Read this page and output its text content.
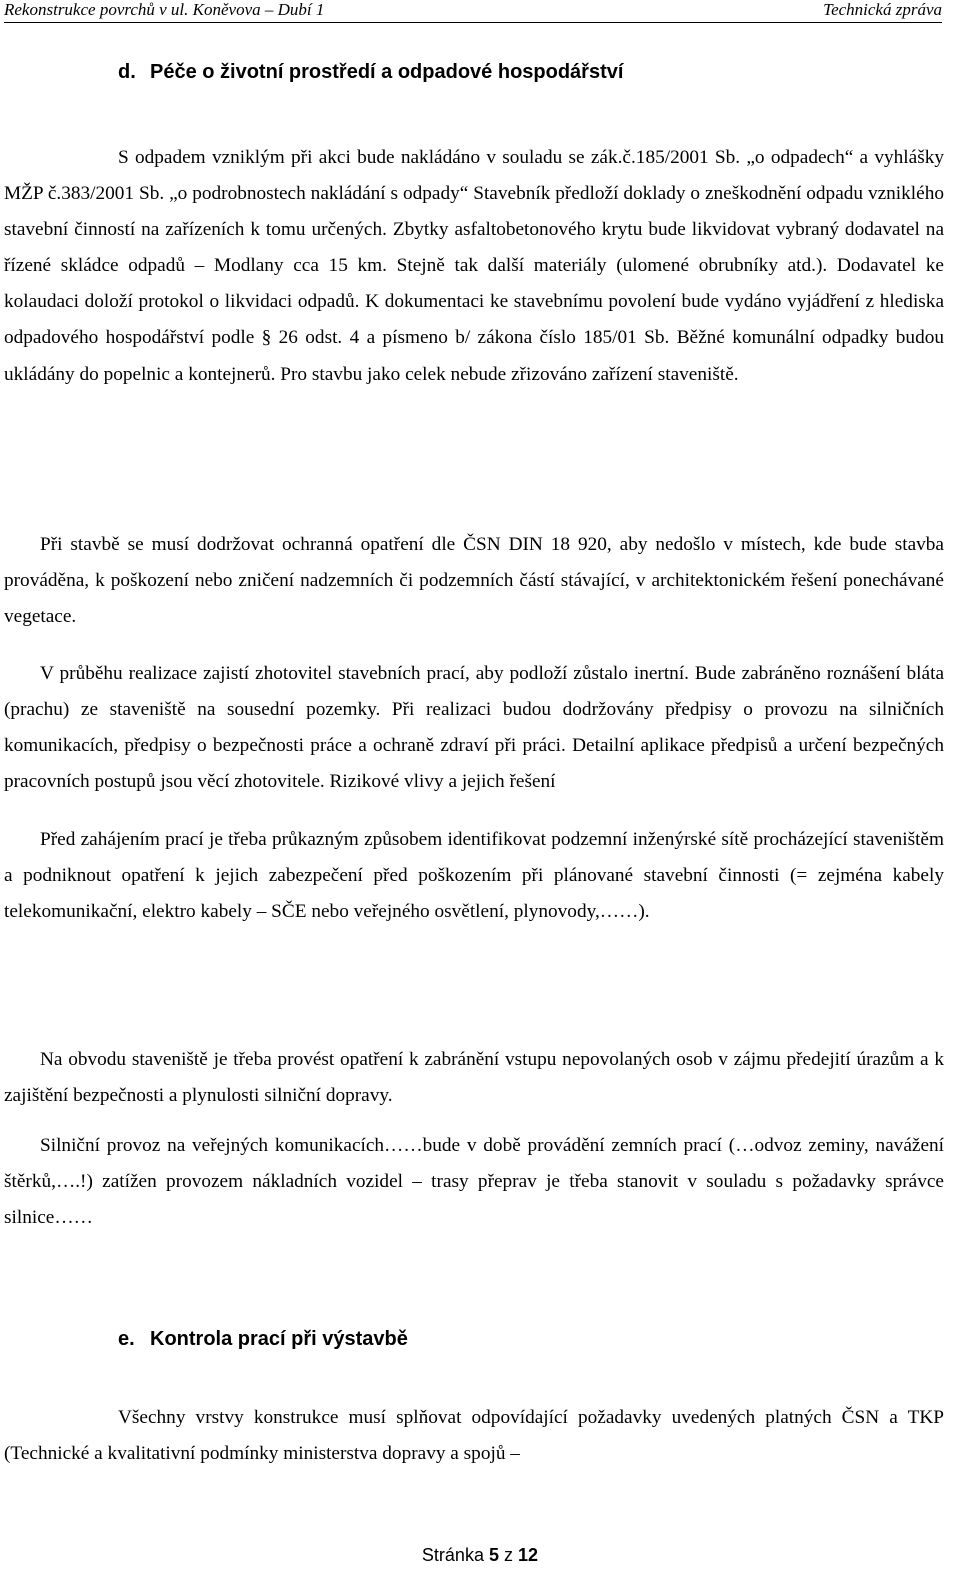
Rekonstrukce povrchů v ul. Koněvova – Dubí 1	Technická zpráva
d. Péče o životní prostředí a odpadové hospodářství

S odpadem vzniklým při akci bude nakládáno v souladu se zák.č.185/2001 Sb. „o odpadech“ a vyhlášky MŽP č.383/2001 Sb. „o podrobnostech nakládání s odpady“ Stavebník předloží doklady o zneškodnění odpadu vzniklého stavební činností na zařízeních k tomu určených. Zbytky asfaltobetonového krytu bude likvidovat vybraný dodavatel na řízené skládce odpadů – Modlany cca 15 km. Stejně tak další materiály (ulomené obrubníky atd.). Dodavatel ke kolaudaci doloží protokol o likvidaci odpadů. K dokumentaci ke stavebnímu povolení bude vydáno vyjádření z hlediska odpadového hospodářství podle § 26 odst. 4 a písmeno b/ zákona číslo 185/01 Sb. Běžné komunální odpadky budou ukládány do popelnic a kontejnerů. Pro stavbu jako celek nebude zřizováno zařízení staveniště.

Při stavbě se musí dodržovat ochranná opatření dle ČSN DIN 18 920, aby nedošlo v místech, kde bude stavba prováděna, k poškození nebo zničení nadzemních či podzemních částí stávající, v architektonickém řešení ponechávané vegetace.

V průběhu realizace zajistí zhotovitel stavebních prací, aby podloží zůstalo inertní. Bude zabráněno roznášení bláta (prachu) ze staveniště na sousední pozemky. Při realizaci budou dodržovány předpisy o provozu na silničních komunikacích, předpisy o bezpečnosti práce a ochraně zdraví při práci. Detailní aplikace předpisů a určení bezpečných pracovních postupů jsou věcí zhotovitele. Rizikové vlivy a jejich řešení

Před zahájením prací je třeba průkazným způsobem identifikovat podzemní inženýrské sítě procházející staveništěm a podniknout opatření k jejich zabezpečení před poškozením při plánované stavební činnosti (= zejména kabely telekomunikační, elektro kabely – SČE nebo veřejného osvětlení, plynovody,……).

Na obvodu staveniště je třeba provést opatření k zabránění vstupu nepovolaných osob v zájmu předejití úrazům a k zajištění bezpečnosti a plynulosti silniční dopravy.

Silniční provoz na veřejných komunikacích……bude v době provádění zemních prací (…odvoz zeminy, navážení štěrků,….!) zatížen provozem nákladních vozidel – trasy přeprav je třeba stanovit v souladu s požadavky správce silnice……

e. Kontrola prací při výstavbě

Všechny vrstvy konstrukce musí splňovat odpovídající požadavky uvedených platných ČSN a TKP (Technické a kvalitativní podmínky ministerstva dopravy a spojů –

Stránka 5 z 12
